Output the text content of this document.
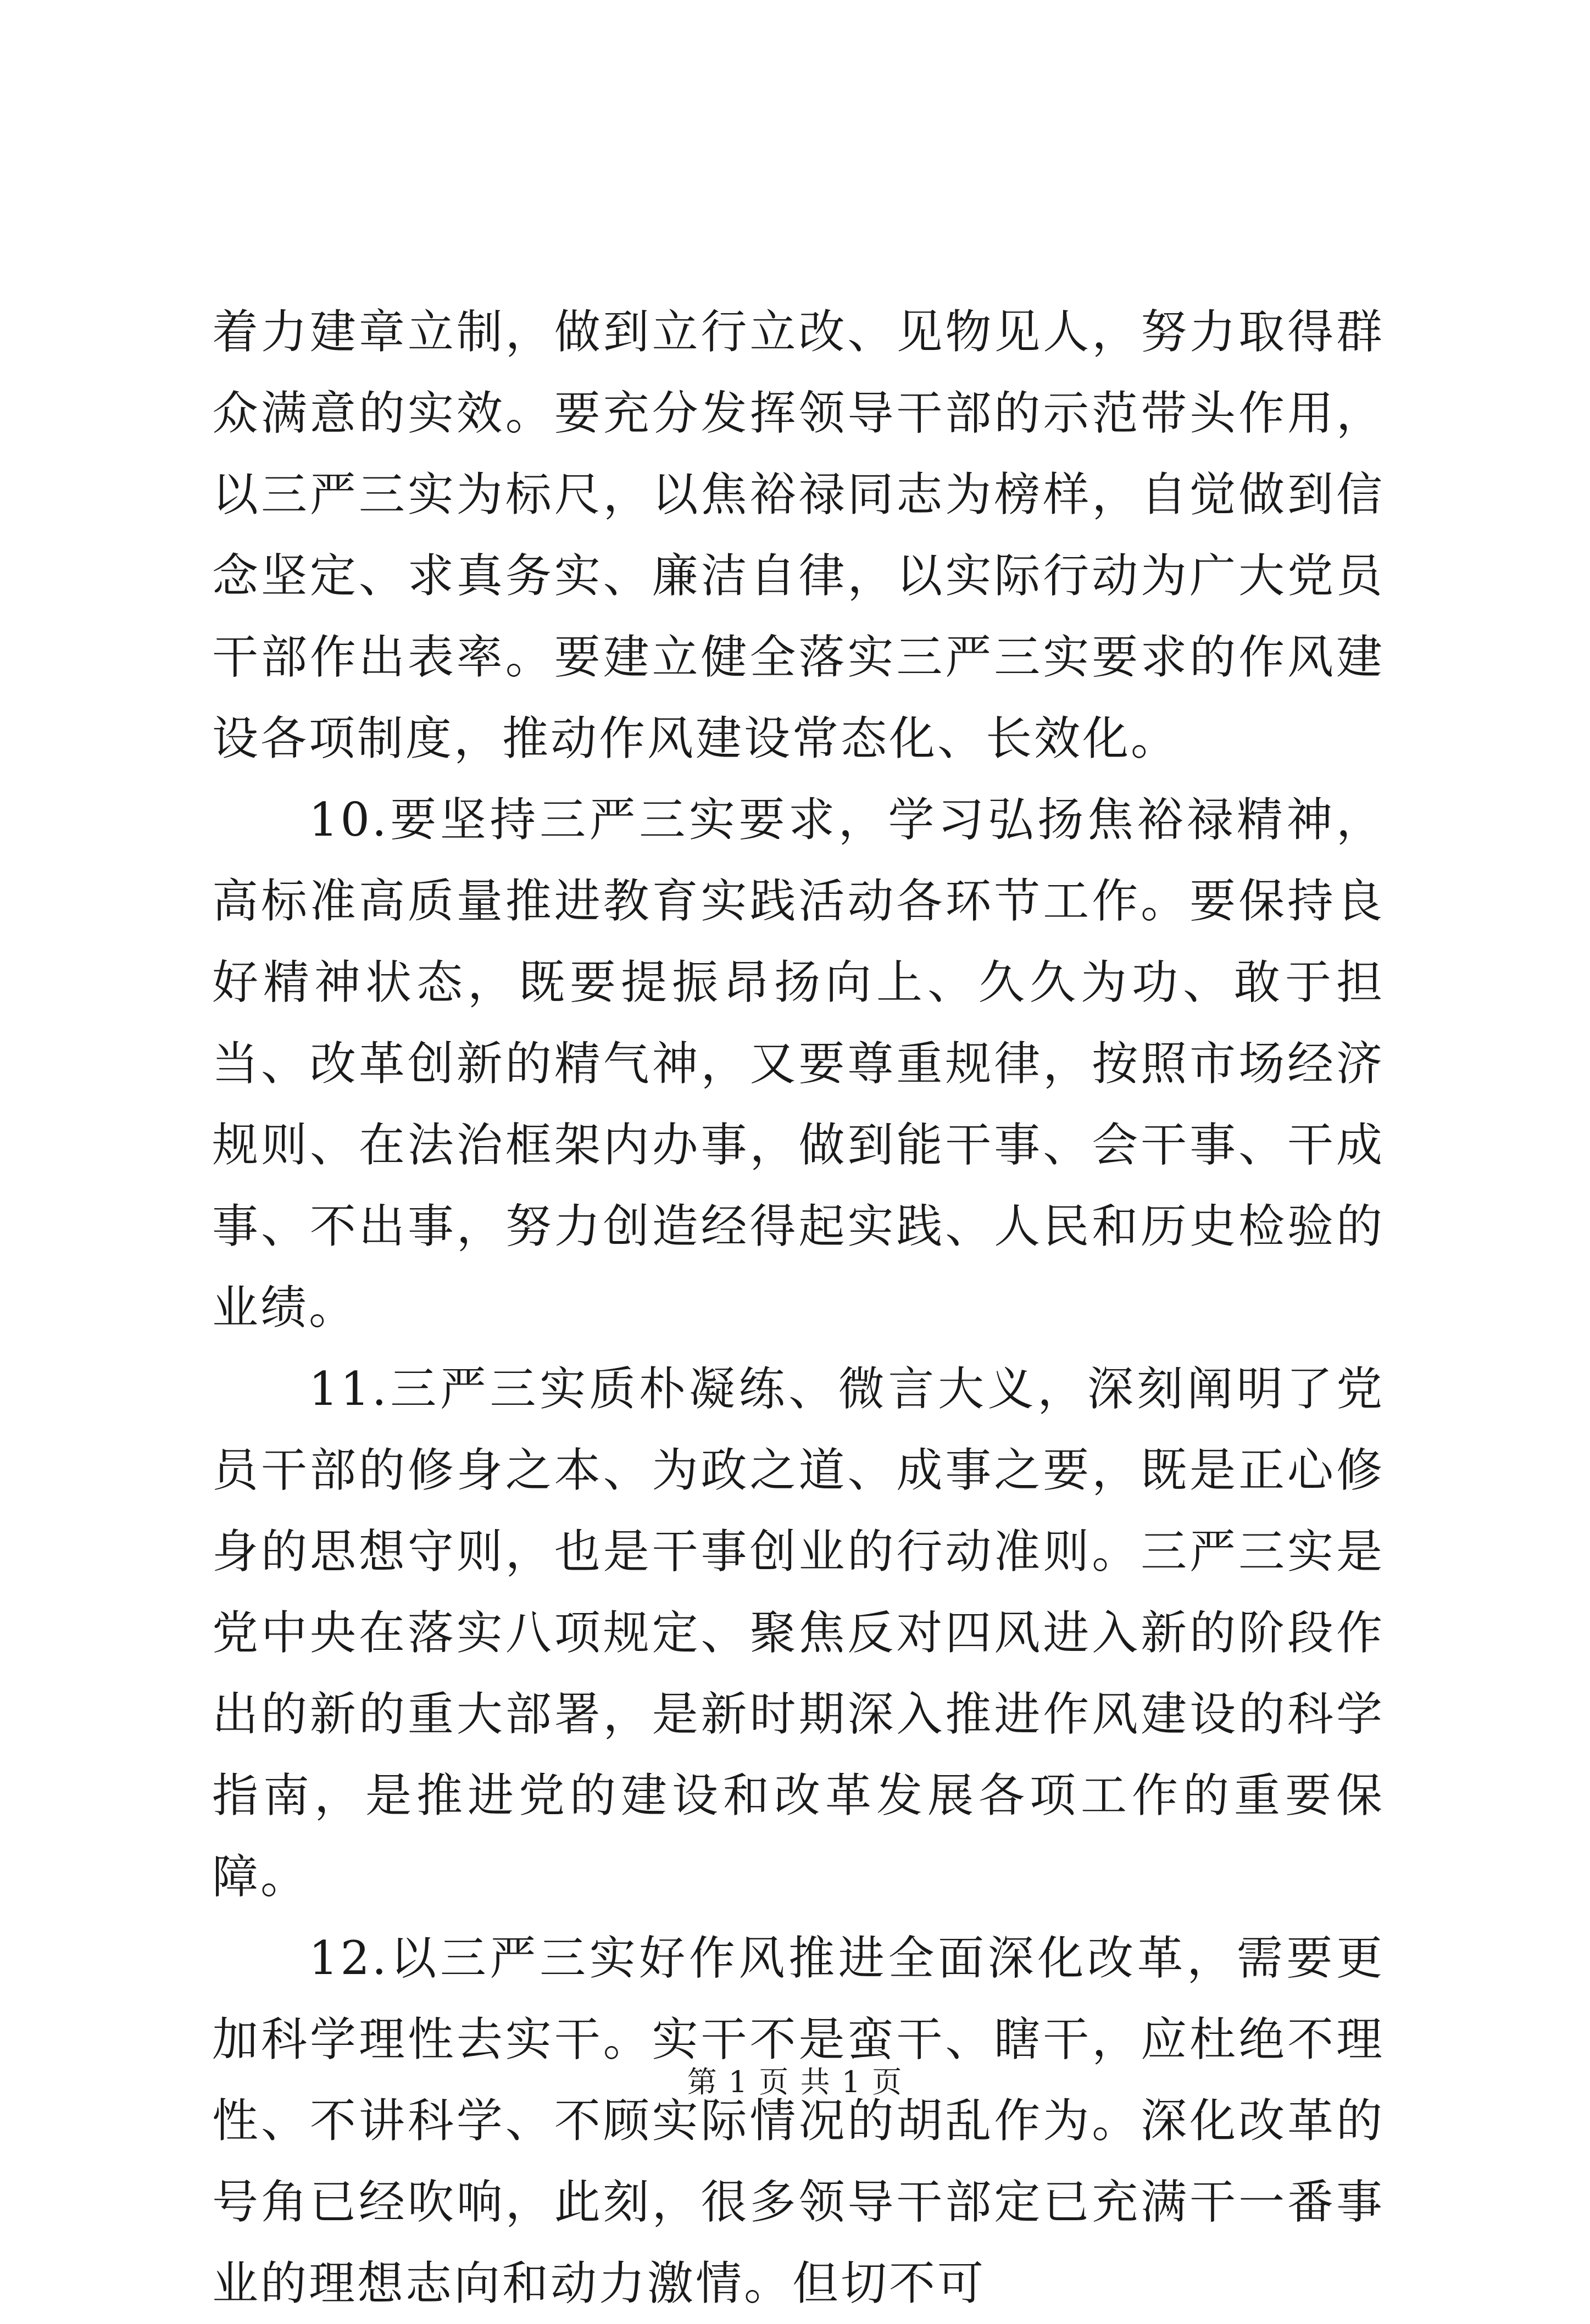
着力建章立制，做到立行立改、见物见人，努力取得群众满意的实效。要充分发挥领导干部的示范带头作用，以三严三实为标尺，以焦裕禄同志为榜样，自觉做到信念坚定、求真务实、廉洁自律，以实际行动为广大党员干部作出表率。要建立健全落实三严三实要求的作风建设各项制度，推动作风建设常态化、长效化。

10.要坚持三严三实要求，学习弘扬焦裕禄精神，高标准高质量推进教育实践活动各环节工作。要保持良好精神状态，既要提振昂扬向上、久久为功、敢于担当、改革创新的精气神，又要尊重规律，按照市场经济规则、在法治框架内办事，做到能干事、会干事、干成事、不出事，努力创造经得起实践、人民和历史检验的业绩。

11.三严三实质朴凝练、微言大义，深刻阐明了党员干部的修身之本、为政之道、成事之要，既是正心修身的思想守则，也是干事创业的行动准则。三严三实是党中央在落实八项规定、聚焦反对四风进入新的阶段作出的新的重大部署，是新时期深入推进作风建设的科学指南，是推进党的建设和改革发展各项工作的重要保障。

12.以三严三实好作风推进全面深化改革，需要更加科学理性去实干。实干不是蛮干、瞎干，应杜绝不理性、不讲科学、不顾实际情况的胡乱作为。深化改革的号角已经吹响，此刻，很多领导干部定已充满干一番事业的理想志向和动力激情。但切不可

第 1 页 共 1 页
